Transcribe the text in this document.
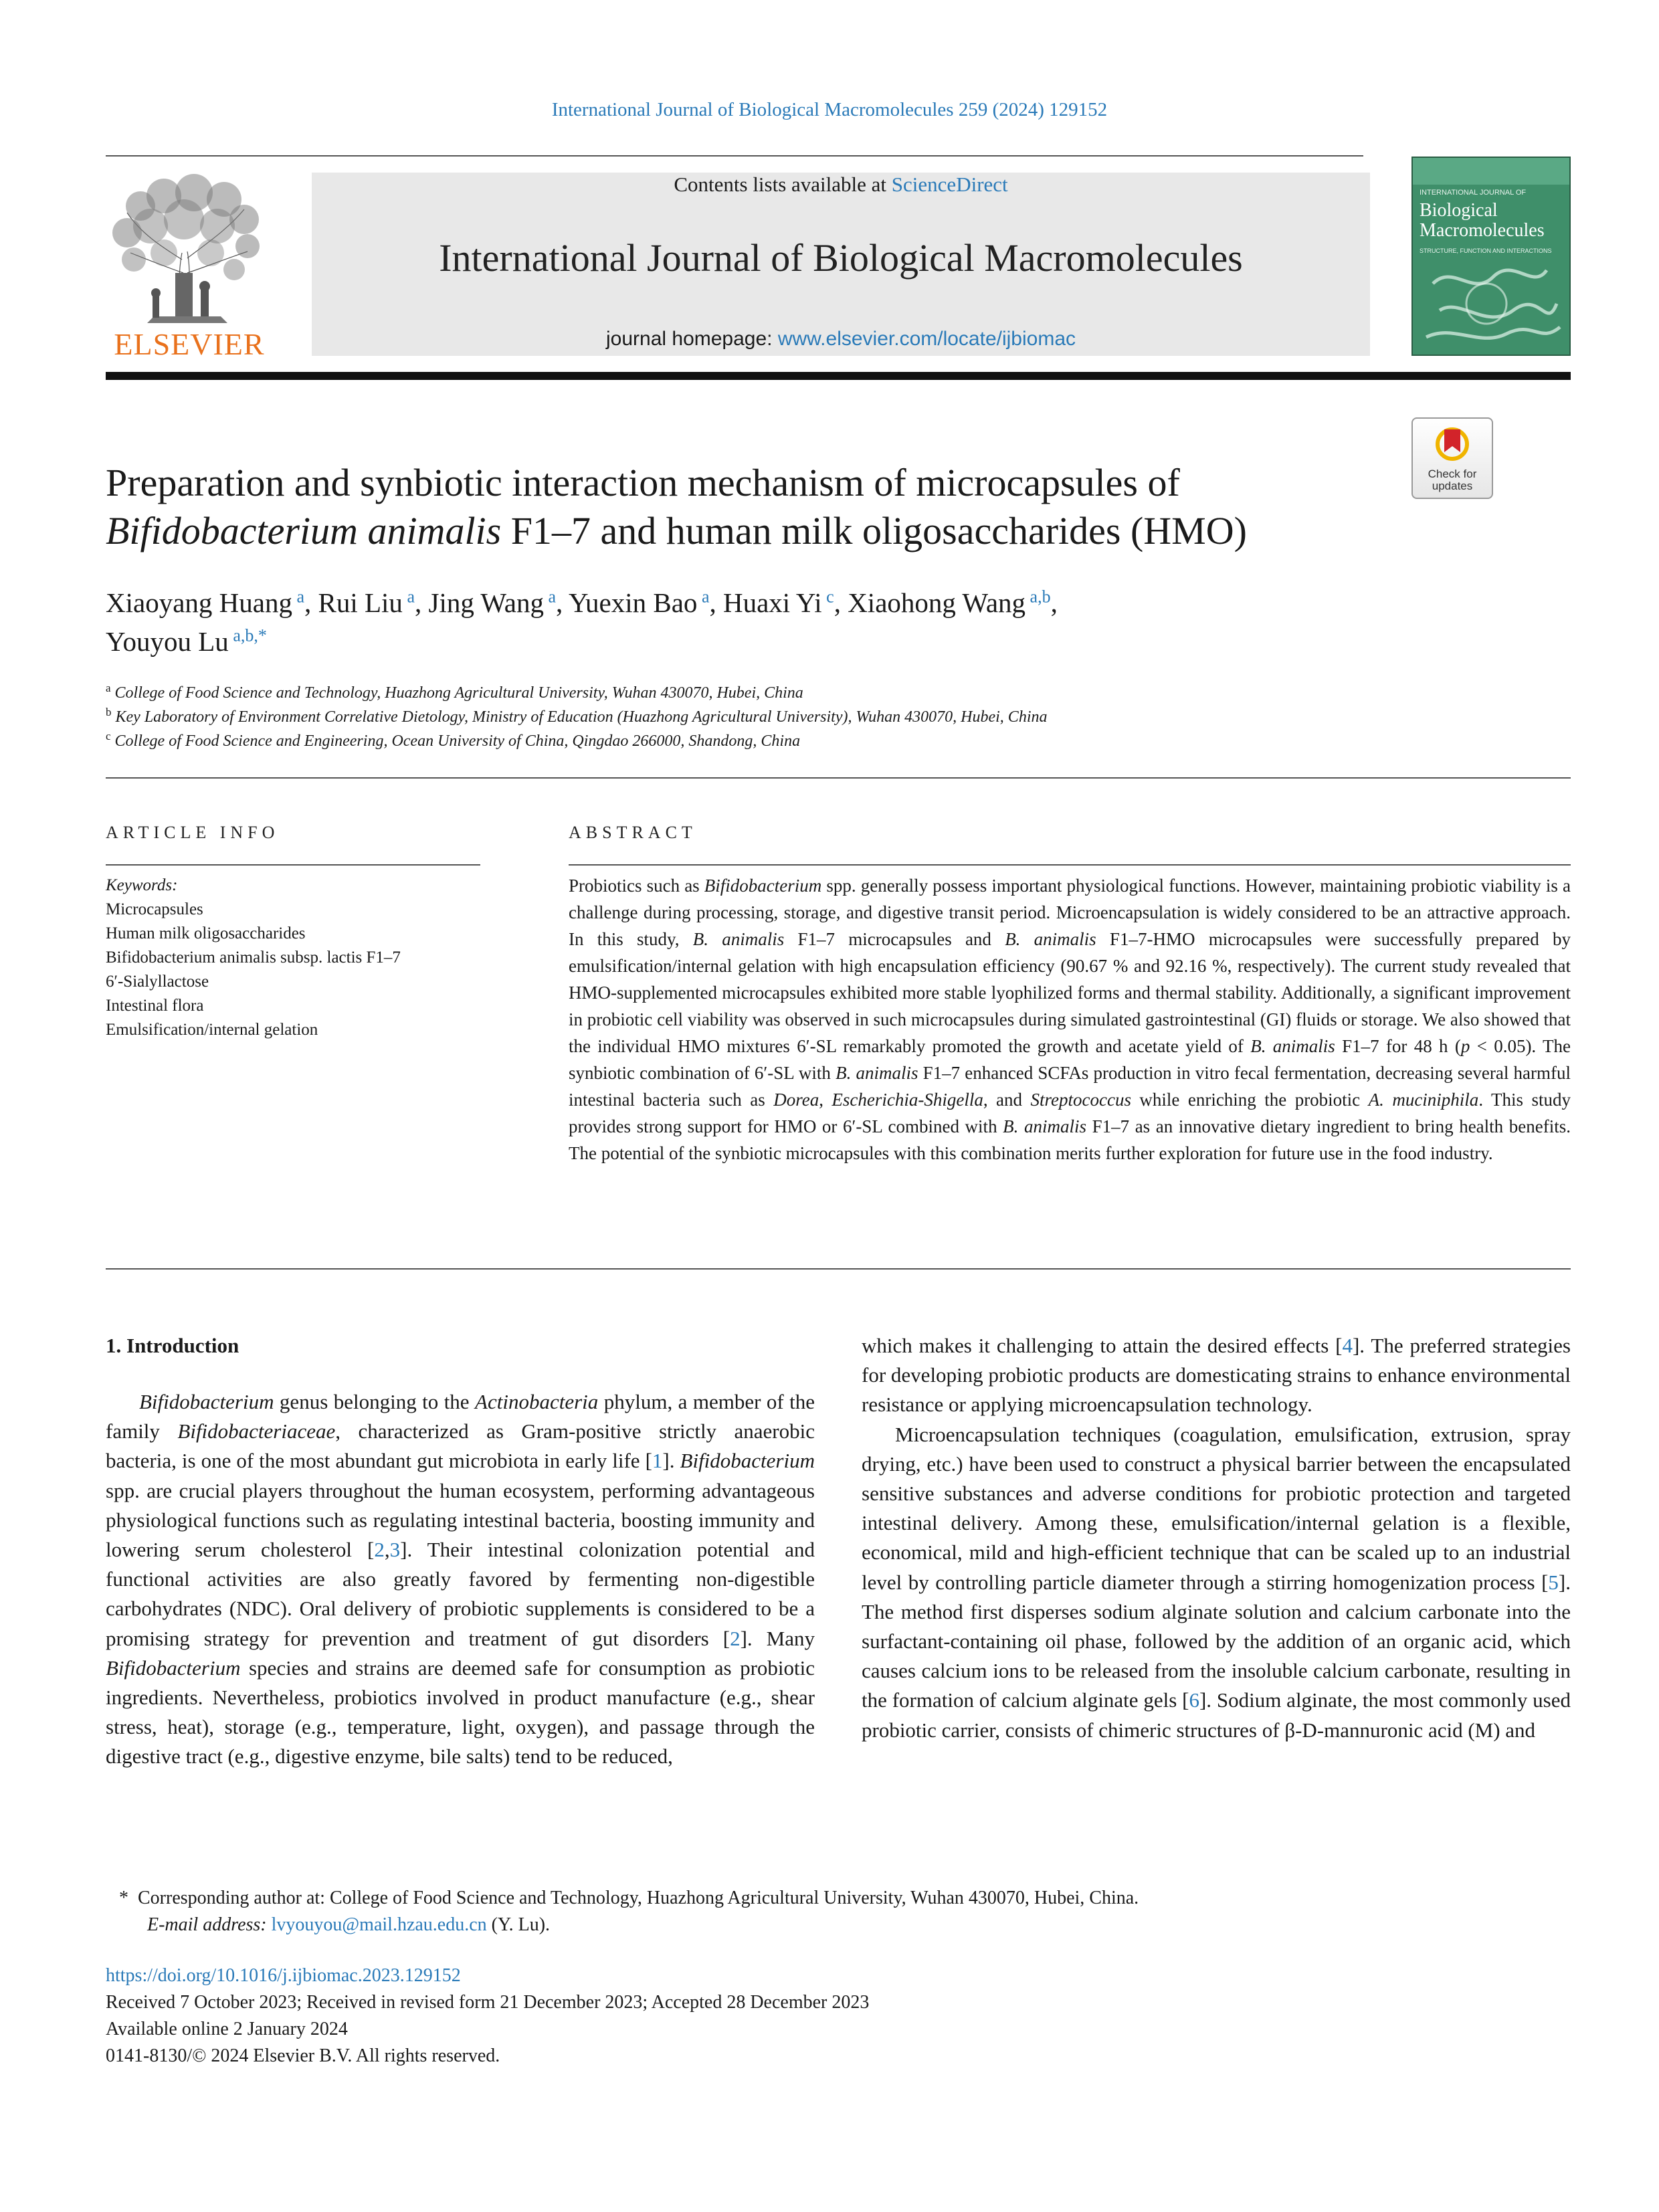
International Journal of Biological Macromolecules 259 (2024) 129152
ELSEVIER
Contents lists available at ScienceDirect
International Journal of Biological Macromolecules
journal homepage: www.elsevier.com/locate/ijbiomac
INTERNATIONAL JOURNAL OF
Biological Macromolecules
STRUCTURE, FUNCTION AND INTERACTIONS
Check for updates
Preparation and synbiotic interaction mechanism of microcapsules of
Bifidobacterium animalis F1–7 and human milk oligosaccharides (HMO)
Xiaoyang Huang $^a$, Rui Liu $^a$, Jing Wang $^a$, Yuexin Bao $^a$, Huaxi Yi $^c$, Xiaohong Wang $^{a,b}$,
Youyou Lu $^{a,b,*}$
$^a$ College of Food Science and Technology, Huazhong Agricultural University, Wuhan 430070, Hubei, China
$^b$ Key Laboratory of Environment Correlative Dietology, Ministry of Education (Huazhong Agricultural University), Wuhan 430070, Hubei, China
$^c$ College of Food Science and Engineering, Ocean University of China, Qingdao 266000, Shandong, China
ARTICLE INFO	ABSTRACT
Keywords:
Microcapsules
Human milk oligosaccharides
Bifidobacterium animalis subsp. lactis F1–7
6′-Sialyllactose
Intestinal flora
Emulsification/internal gelation
Probiotics such as Bifidobacterium spp. generally possess important physiological functions. However, maintaining probiotic viability is a challenge during processing, storage, and digestive transit period. Microencapsulation is widely considered to be an attractive approach. In this study, B. animalis F1–7 microcapsules and B. animalis F1–7-HMO microcapsules were successfully prepared by emulsification/internal gelation with high encapsulation efficiency (90.67 % and 92.16 %, respectively). The current study revealed that HMO-supplemented microcapsules exhibited more stable lyophilized forms and thermal stability. Additionally, a significant improvement in probiotic cell viability was observed in such microcapsules during simulated gastrointestinal (GI) fluids or storage. We also showed that the individual HMO mixtures 6′-SL remarkably promoted the growth and acetate yield of B. animalis F1–7 for 48 h (p < 0.05). The synbiotic combination of 6′-SL with B. animalis F1–7 enhanced SCFAs production in vitro fecal fermentation, decreasing several harmful intestinal bacteria such as Dorea, Escherichia-Shigella, and Streptococcus while enriching the probiotic A. muciniphila. This study provides strong support for HMO or 6′-SL combined with B. animalis F1–7 as an innovative dietary ingredient to bring health benefits. The potential of the synbiotic microcapsules with this combination merits further exploration for future use in the food industry.
1. Introduction

Bifidobacterium genus belonging to the Actinobacteria phylum, a member of the family Bifidobacteriaceae, characterized as Gram-positive strictly anaerobic bacteria, is one of the most abundant gut microbiota in early life [1]. Bifidobacterium spp. are crucial players throughout the human ecosystem, performing advantageous physiological functions such as regulating intestinal bacteria, boosting immunity and lowering serum cholesterol [2,3]. Their intestinal colonization potential and functional activities are also greatly favored by fermenting non-digestible carbohydrates (NDC). Oral delivery of probiotic supplements is considered to be a promising strategy for prevention and treatment of gut disorders [2]. Many Bifidobacterium species and strains are deemed safe for consumption as probiotic ingredients. Nevertheless, probiotics involved in product manufacture (e.g., shear stress, heat), storage (e.g., temperature, light, oxygen), and passage through the digestive tract (e.g., digestive enzyme, bile salts) tend to be reduced,

which makes it challenging to attain the desired effects [4]. The preferred strategies for developing probiotic products are domesticating strains to enhance environmental resistance or applying microencapsulation technology.

Microencapsulation techniques (coagulation, emulsification, extrusion, spray drying, etc.) have been used to construct a physical barrier between the encapsulated sensitive substances and adverse conditions for probiotic protection and targeted intestinal delivery. Among these, emulsification/internal gelation is a flexible, economical, mild and high-efficient technique that can be scaled up to an industrial level by controlling particle diameter through a stirring homogenization process [5]. The method first disperses sodium alginate solution and calcium carbonate into the surfactant-containing oil phase, followed by the addition of an organic acid, which causes calcium ions to be released from the insoluble calcium carbonate, resulting in the formation of calcium alginate gels [6]. Sodium alginate, the most commonly used probiotic carrier, consists of chimeric structures of β-D-mannuronic acid (M) and

*  Corresponding author at: College of Food Science and Technology, Huazhong Agricultural University, Wuhan 430070, Hubei, China.
E-mail address: lvyouyou@mail.hzau.edu.cn (Y. Lu).
https://doi.org/10.1016/j.ijbiomac.2023.129152
Received 7 October 2023; Received in revised form 21 December 2023; Accepted 28 December 2023
Available online 2 January 2024
0141-8130/© 2024 Elsevier B.V. All rights reserved.
